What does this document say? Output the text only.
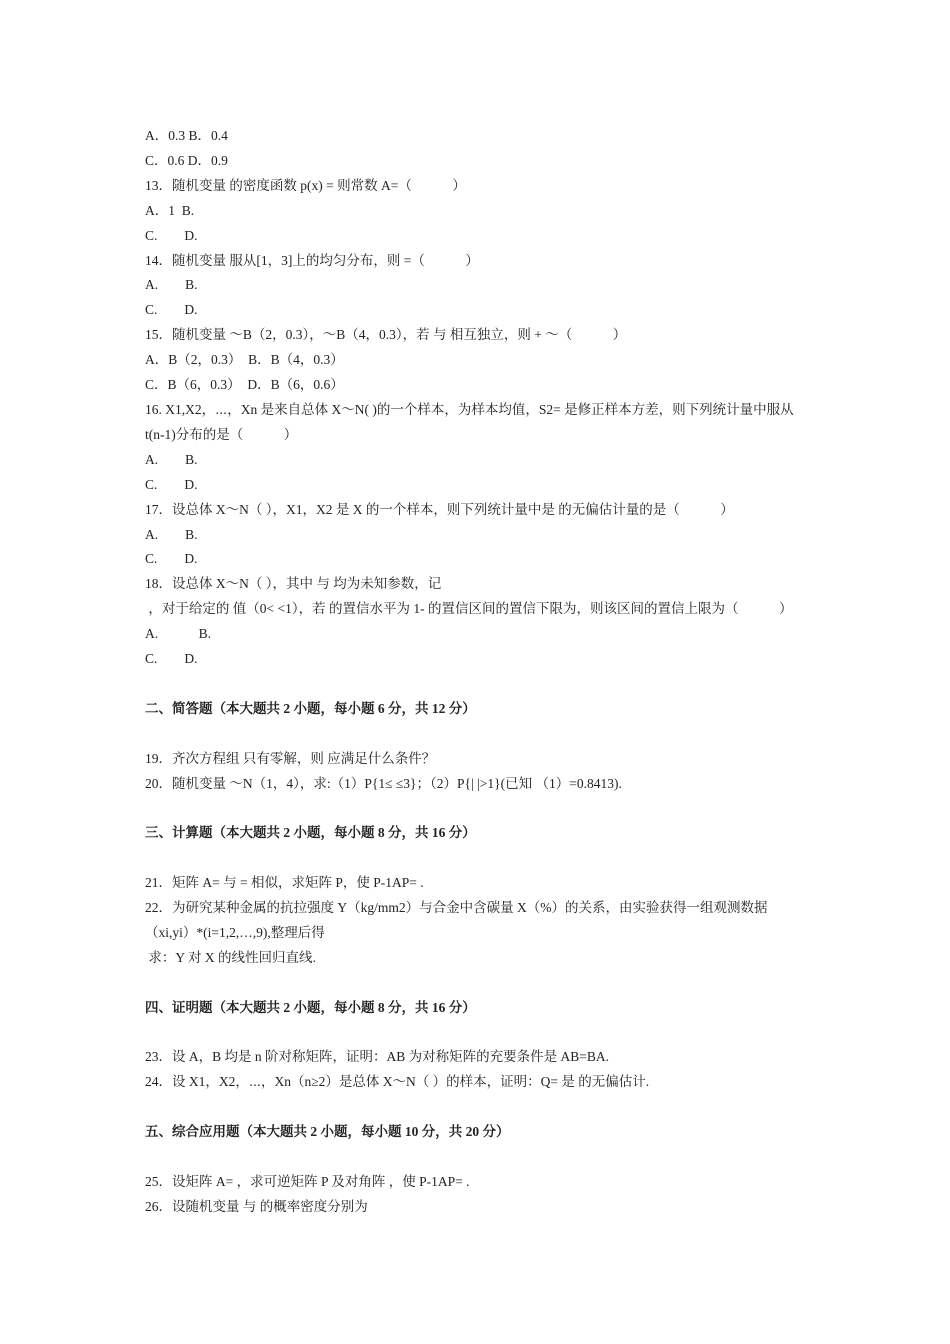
A．0.3 B．0.4
C．0.6 D．0.9
13．随机变量 的密度函数 p(x) = 则常数 A=（　　　）
A．1  B.
C.　　D.
14．随机变量 服从[1，3]上的均匀分布，则 =（　　　）
A.　　B.
C.　　D.
15．随机变量 ～B（2，0.3），～B（4，0.3），若 与 相互独立，则 + ～（　　　）
A．B（2，0.3）　B．B（4，0.3）
C．B（6，0.3）　D．B（6，0.6）
16. X1,X2，⋯，Xn 是来自总体 X～N( )的一个样本，为样本均值，S2= 是修正样本方差，则下列统计量中服从 t(n-1)分布的是（　　　）
A.　　B.
C.　　D.
17．设总体 X～N（ ），X1，X2 是 X 的一个样本，则下列统计量中是 的无偏估计量的是（　　　）
A.　　B.
C.　　D.
18．设总体 X～N（ ），其中 与 均为未知参数，记
，对于给定的 值（0< <1），若 的置信水平为 1- 的置信区间的置信下限为，则该区间的置信上限为（　　　）
A.　　　B.
C.　　D.
二、简答题（本大题共 2 小题，每小题 6 分，共 12 分）
19．齐次方程组 只有零解，则 应满足什么条件？
20．随机变量 ～N（1，4），求:（1）P{1≤ ≤3}；（2）P{| |>1}(已知 （1）=0.8413).
三、计算题（本大题共 2 小题，每小题 8 分，共 16 分）
21．矩阵 A= 与 = 相似，求矩阵 P，使 P-1AP= .
22．为研究某种金属的抗拉强度 Y（kg/mm2）与合金中含碳量 X（%）的关系，由实验获得一组观测数据（xi,yi）*(i=1,2,…,9),整理后得
求：Y 对 X 的线性回归直线.
四、证明题（本大题共 2 小题，每小题 8 分，共 16 分）
23．设 A，B 均是 n 阶对称矩阵，证明：AB 为对称矩阵的充要条件是 AB=BA.
24．设 X1，X2，⋯，Xn（n≥2）是总体 X～N（ ）的样本，证明：Q= 是 的无偏估计.
五、综合应用题（本大题共 2 小题，每小题 10 分，共 20 分）
25．设矩阵 A= ，求可逆矩阵 P 及对角阵 ，使 P-1AP= .
26．设随机变量 与 的概率密度分别为
